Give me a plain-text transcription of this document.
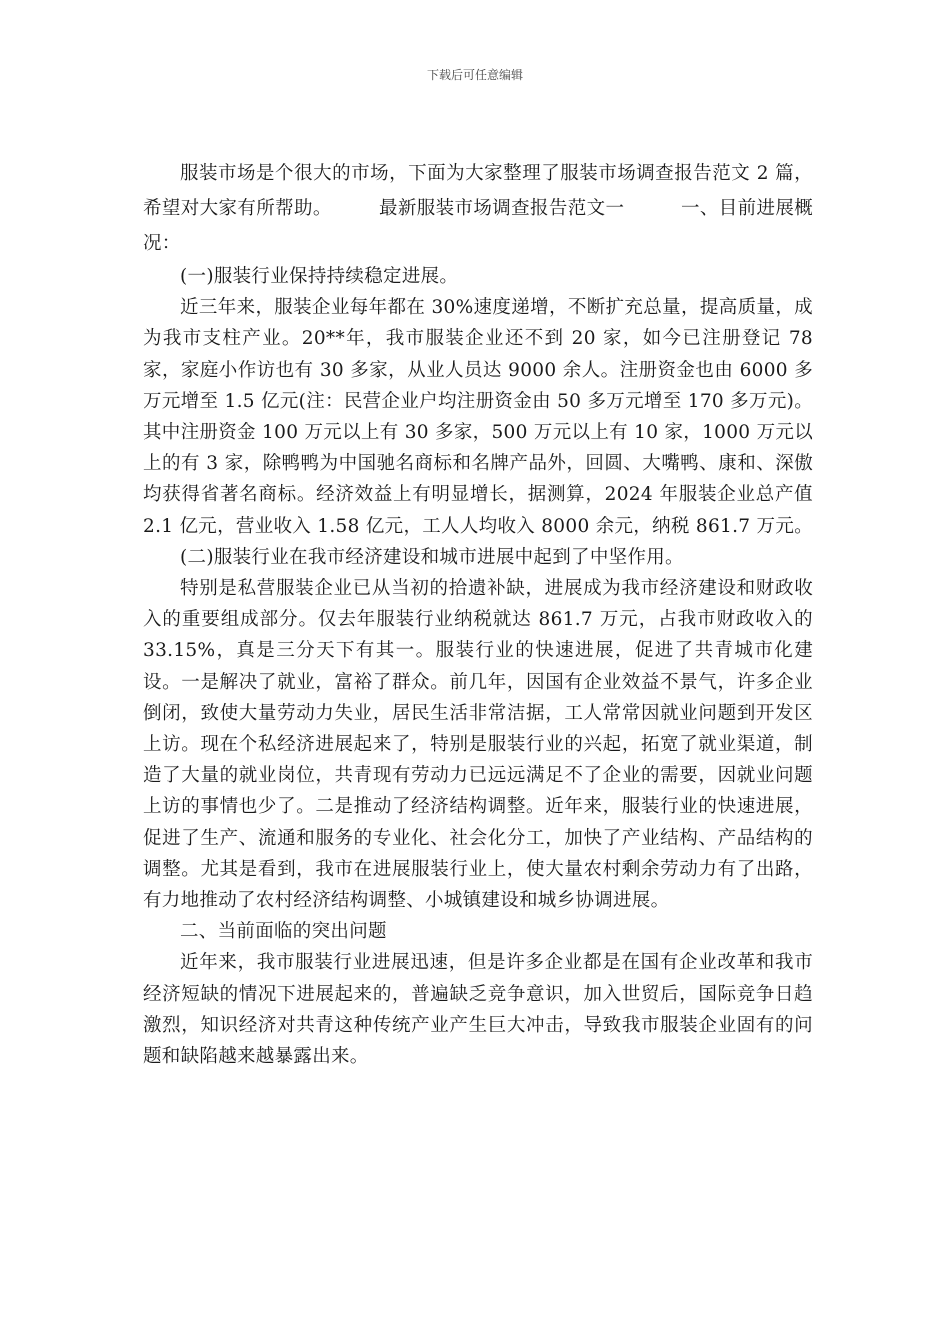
下载后可任意编辑

服装市场是个很大的市场，下面为大家整理了服装市场调查报告范文 2 篇，希望对大家有所帮助。　　　最新服装市场调查报告范文一　　　一、目前进展概况：

(一)服装行业保持持续稳定进展。

近三年来，服装企业每年都在 30%速度递增，不断扩充总量，提高质量，成为我市支柱产业。20**年，我市服装企业还不到 20 家，如今已注册登记 78 家，家庭小作访也有 30 多家，从业人员达 9000 余人。注册资金也由 6000 多万元增至 1.5 亿元(注：民营企业户均注册资金由 50 多万元增至 170 多万元)。其中注册资金 100 万元以上有 30 多家，500 万元以上有 10 家，1000 万元以上的有 3 家，除鸭鸭为中国驰名商标和名牌产品外，回圆、大嘴鸭、康和、深傲均获得省著名商标。经济效益上有明显增长，据测算，2024 年服装企业总产值 2.1 亿元，营业收入 1.58 亿元，工人人均收入 8000 余元，纳税 861.7 万元。

(二)服装行业在我市经济建设和城市进展中起到了中坚作用。

特别是私营服装企业已从当初的拾遗补缺，进展成为我市经济建设和财政收入的重要组成部分。仅去年服装行业纳税就达 861.7 万元，占我市财政收入的 33.15%，真是三分天下有其一。服装行业的快速进展，促进了共青城市化建设。一是解决了就业，富裕了群众。前几年，因国有企业效益不景气，许多企业倒闭，致使大量劳动力失业，居民生活非常洁据，工人常常因就业问题到开发区上访。现在个私经济进展起来了，特别是服装行业的兴起，拓宽了就业渠道，制造了大量的就业岗位，共青现有劳动力已远远满足不了企业的需要，因就业问题上访的事情也少了。二是推动了经济结构调整。近年来，服装行业的快速进展，促进了生产、流通和服务的专业化、社会化分工，加快了产业结构、产品结构的调整。尤其是看到，我市在进展服装行业上，使大量农村剩余劳动力有了出路，有力地推动了农村经济结构调整、小城镇建设和城乡协调进展。

二、当前面临的突出问题

近年来，我市服装行业进展迅速，但是许多企业都是在国有企业改革和我市经济短缺的情况下进展起来的，普遍缺乏竞争意识，加入世贸后，国际竞争日趋激烈，知识经济对共青这种传统产业产生巨大冲击，导致我市服装企业固有的问题和缺陷越来越暴露出来。
